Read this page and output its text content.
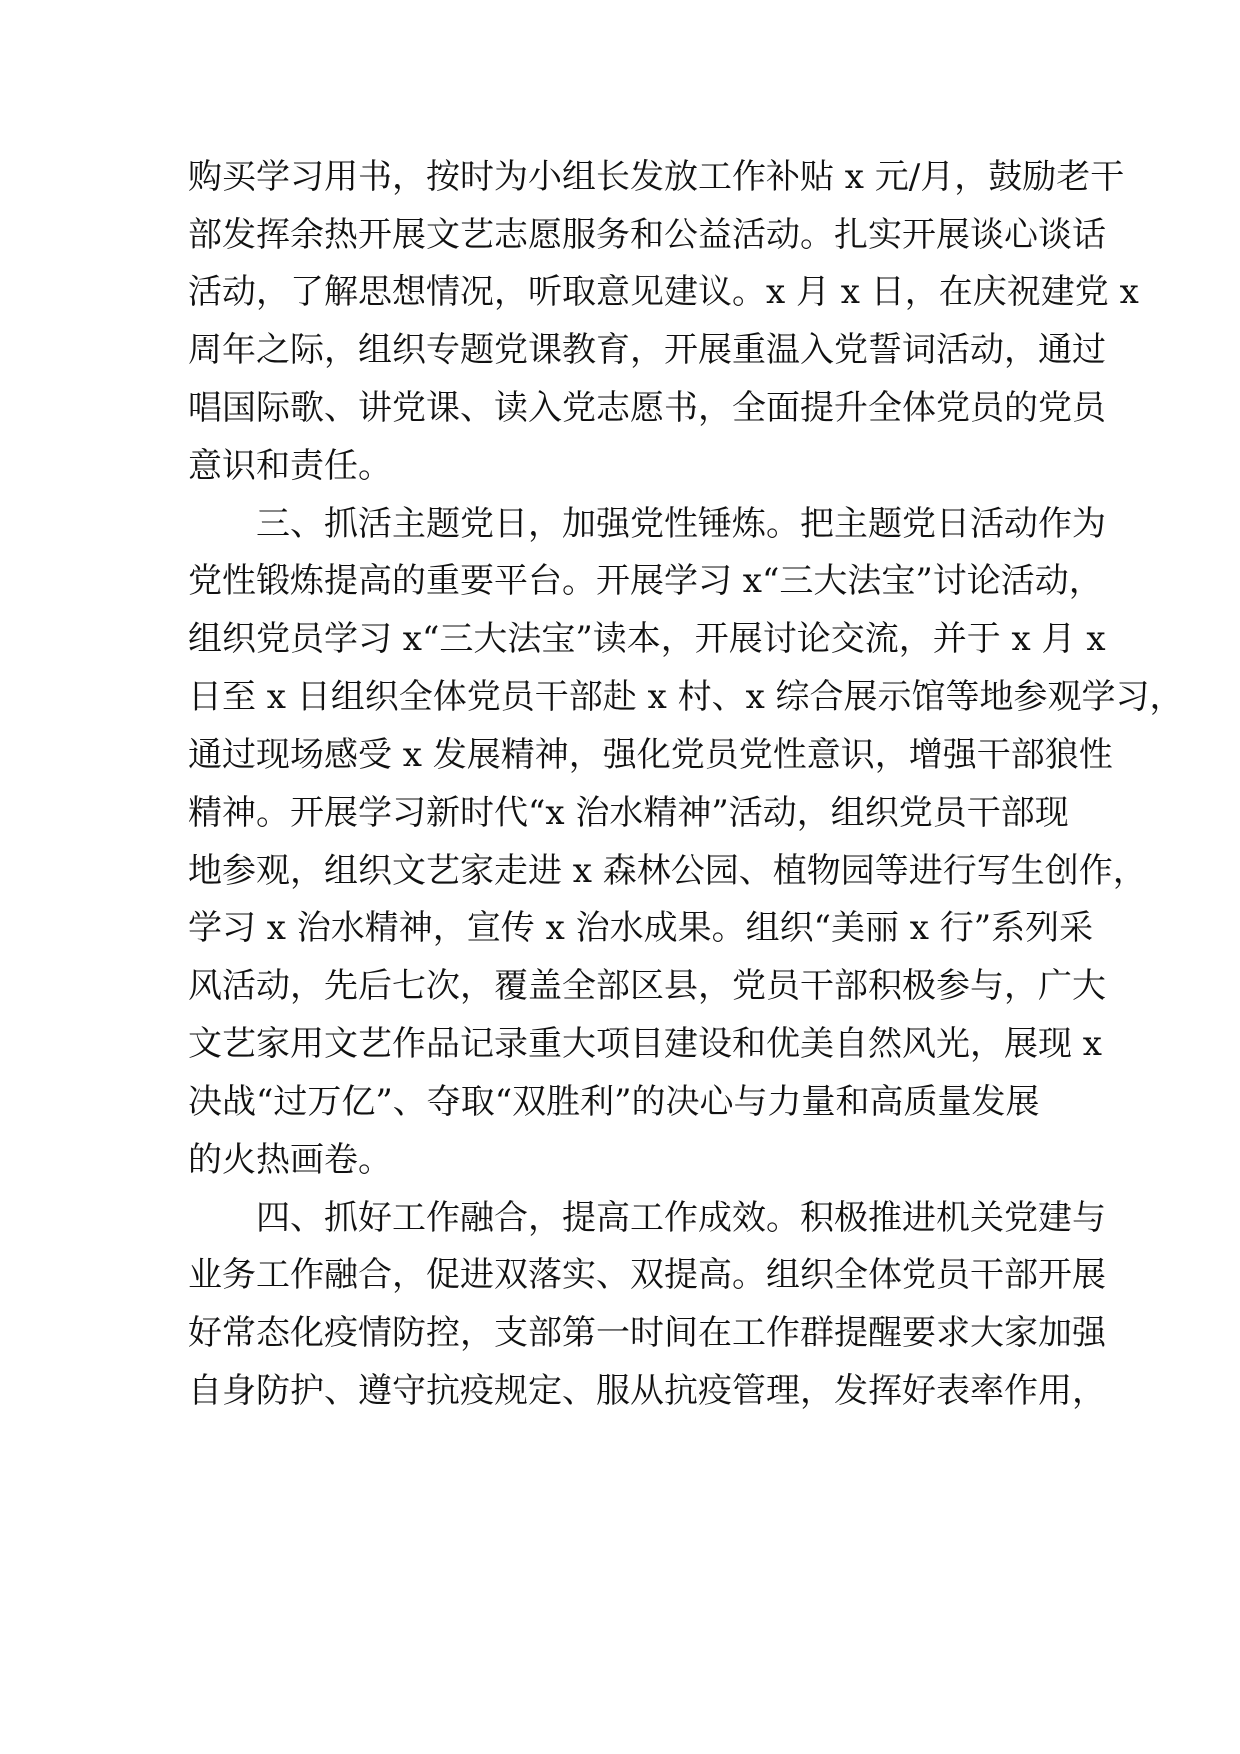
购买学习用书，按时为小组长发放工作补贴 x 元/月，鼓励老干

部发挥余热开展文艺志愿服务和公益活动。扎实开展谈心谈话

活动，了解思想情况，听取意见建议。x 月 x 日，在庆祝建党 x

周年之际，组织专题党课教育，开展重温入党誓词活动，通过

唱国际歌、讲党课、读入党志愿书，全面提升全体党员的党员

意识和责任。

三、抓活主题党日，加强党性锤炼。把主题党日活动作为

党性锻炼提高的重要平台。开展学习 x“三大法宝”讨论活动，

组织党员学习 x“三大法宝”读本，开展讨论交流，并于 x 月 x

日至 x 日组织全体党员干部赴 x 村、x 综合展示馆等地参观学习，

通过现场感受 x 发展精神，强化党员党性意识，增强干部狼性

精神。开展学习新时代“x 治水精神”活动，组织党员干部现

地参观，组织文艺家走进 x 森林公园、植物园等进行写生创作，

学习 x 治水精神，宣传 x 治水成果。组织“美丽 x 行”系列采

风活动，先后七次，覆盖全部区县，党员干部积极参与，广大

文艺家用文艺作品记录重大项目建设和优美自然风光，展现 x

决战“过万亿”、夺取“双胜利”的决心与力量和高质量发展

的火热画卷。

四、抓好工作融合，提高工作成效。积极推进机关党建与

业务工作融合，促进双落实、双提高。组织全体党员干部开展

好常态化疫情防控，支部第一时间在工作群提醒要求大家加强

自身防护、遵守抗疫规定、服从抗疫管理，发挥好表率作用，
